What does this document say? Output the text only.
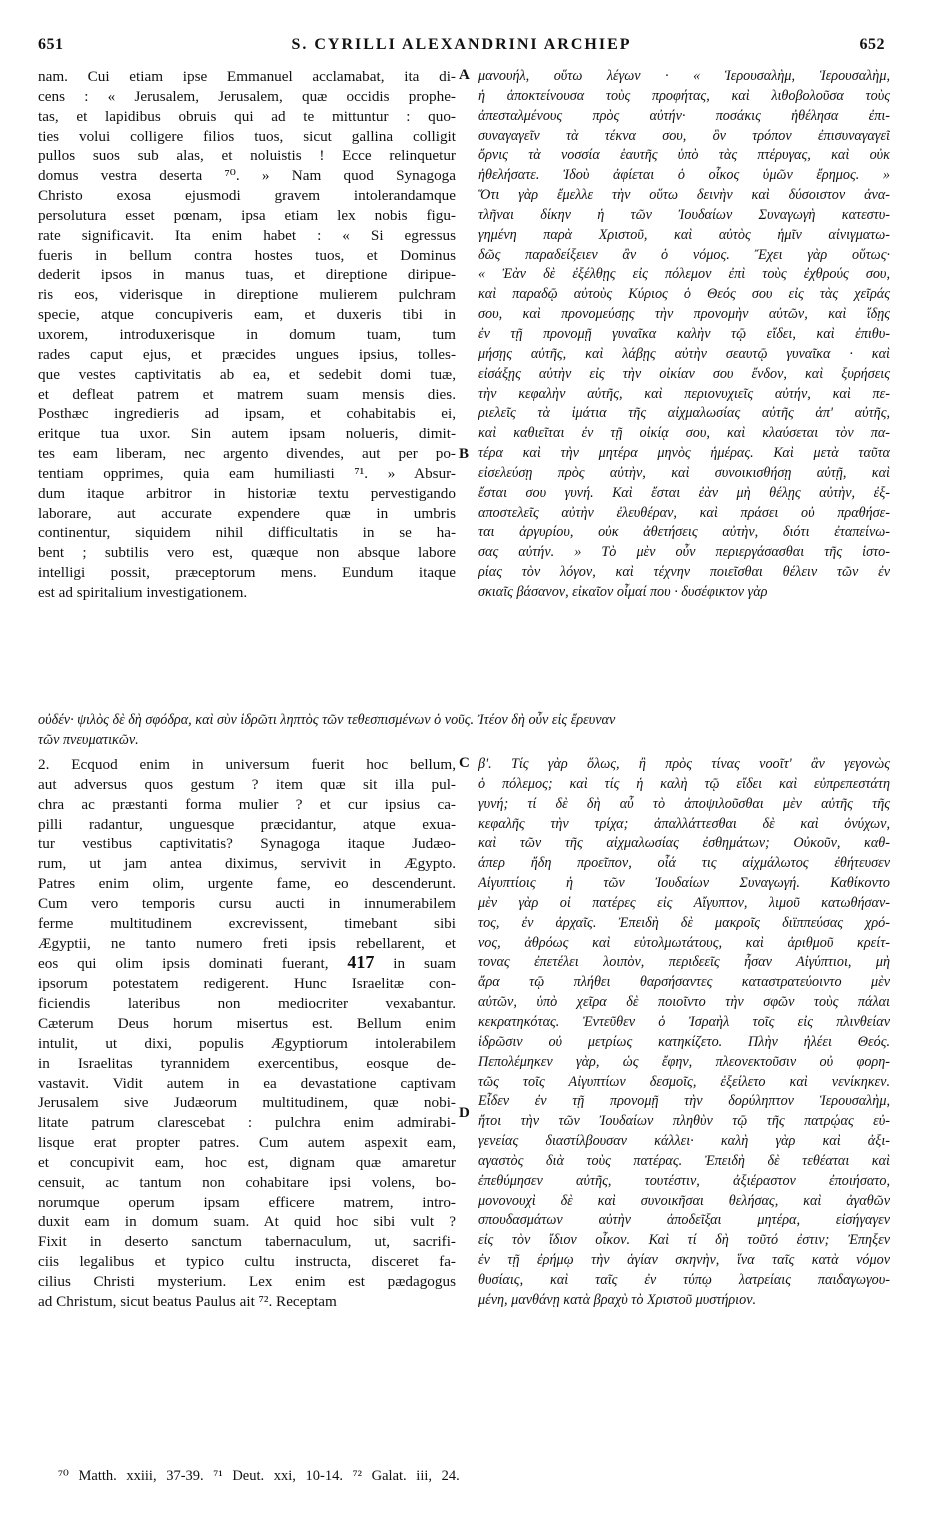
651	S. CYRILLI ALEXANDRINI ARCHIEP	652
A
B
C
D
nam. Cui etiam ipse Emmanuel acclamabat, ita di-
cens : « Jerusalem, Jerusalem, quæ occidis prophe-
tas, et lapidibus obruis qui ad te mittuntur : quo-
ties volui colligere filios tuos, sicut gallina colligit
pullos suos sub alas, et noluistis ! Ecce relinquetur
domus vestra deserta ⁷⁰. » Nam quod Synagoga
Christo exosa ejusmodi gravem intolerandamque
persolutura esset pœnam, ipsa etiam lex nobis figu-
rate significavit. Ita enim habet : « Si egressus
fueris in bellum contra hostes tuos, et Dominus
dederit ipsos in manus tuas, et direptione diripue-
ris eos, viderisque in direptione mulierem pulchram
specie, atque concupiveris eam, et duxeris tibi in
uxorem, introduxerisque in domum tuam, tum
rades caput ejus, et præcides ungues ipsius, tolles-
que vestes captivitatis ab ea, et sedebit domi tuæ,
et defleat patrem et matrem suam mensis dies.
Posthæc ingredieris ad ipsam, et cohabitabis ei,
eritque tua uxor. Sin autem ipsam nolueris, dimit-
tes eam liberam, nec argento divendes, aut per po-
tentiam opprimes, quia eam humiliasti ⁷¹. » Absur-
dum itaque arbitror in historiæ textu pervestigando
laborare, aut accurate expendere quæ in umbris
continentur, siquidem nihil difficultatis in se ha-
bent ; subtilis vero est, quæque non absque labore
intelligi possit, præceptorum mens. Eundum itaque
est ad spiritalium investigationem.
μανουήλ, οὕτω λέγων · « Ἱερουσαλὴμ, Ἱερουσαλὴμ,
ἡ ἀποκτείνουσα τοὺς προφήτας, καὶ λιθοβολοῦσα τοὺς
ἀπεσταλμένους πρὸς αὐτήν· ποσάκις ἠθέλησα ἐπι-
συναγαγεῖν τὰ τέκνα σου, ὃν τρόπον ἐπισυναγαγεῖ
ὄρνις τὰ νοσσία ἑαυτῆς ὑπὸ τὰς πτέρυγας, καὶ οὐκ
ἠθελήσατε. Ἰδοὺ ἀφίεται ὁ οἶκος ὑμῶν ἔρημος. »
Ὅτι γὰρ ἔμελλε τὴν οὕτω δεινὴν καὶ δύσοιστον ἀνα-
τλῆναι δίκην ἡ τῶν Ἰουδαίων Συναγωγὴ κατεστυ-
γημένη παρὰ Χριστοῦ, καὶ αὐτὸς ἡμῖν αἰνιγματω-
δῶς παραδείξειεν ἂν ὁ νόμος. Ἔχει γὰρ οὕτως·
« Ἐὰν δὲ ἐξέλθῃς εἰς πόλεμον ἐπὶ τοὺς ἐχθρούς σου,
καὶ παραδῷ αὐτοὺς Κύριος ὁ Θεός σου εἰς τὰς χεῖράς
σου, καὶ προνομεύσῃς τὴν προνομὴν αὐτῶν, καὶ ἴδῃς
ἐν τῇ προνομῇ γυναῖκα καλὴν τῷ εἴδει, καὶ ἐπιθυ-
μήσῃς αὐτῆς, καὶ λάβῃς αὐτὴν σεαυτῷ γυναῖκα · καὶ
εἰσάξῃς αὐτὴν εἰς τὴν οἰκίαν σου ἔνδον, καὶ ξυρήσεις
τὴν κεφαλὴν αὐτῆς, καὶ περιονυχιεῖς αὐτήν, καὶ πε-
ριελεῖς τὰ ἱμάτια τῆς αἰχμαλωσίας αὐτῆς ἀπ' αὐτῆς,
καὶ καθιεῖται ἐν τῇ οἰκίᾳ σου, καὶ κλαύσεται τὸν πα-
τέρα καὶ τὴν μητέρα μηνὸς ἡμέρας. Καὶ μετὰ ταῦτα
εἰσελεύσῃ πρὸς αὐτὴν, καὶ συνοικισθήσῃ αὐτῇ, καὶ
ἔσται σου γυνή. Καὶ ἔσται ἐὰν μὴ θέλῃς αὐτὴν, ἐξ-
αποστελεῖς αὐτὴν ἐλευθέραν, καὶ πράσει οὐ πραθήσε-
ται ἀργυρίου, οὐκ ἀθετήσεις αὐτὴν, διότι ἐταπείνω-
σας αὐτήν. » Τὸ μὲν οὖν περιεργάσασθαι τῆς ἱστο-
ρίας τὸν λόγον, καὶ τέχνην ποιεῖσθαι θέλειν τῶν ἐν
σκιαῖς βάσανον, εἰκαῖον οἶμαί που · δυσέφικτον γὰρ
οὐδέν· ψιλὸς δὲ δὴ σφόδρα, καὶ σὺν ἱδρῶτι ληπτὸς τῶν τεθεσπισμένων ὁ νοῦς. Ἰτέον δὴ οὖν εἰς ἔρευναν
τῶν πνευματικῶν.
2. Ecquod enim in universum fuerit hoc bellum,
aut adversus quos gestum ? item quæ sit illa pul-
chra ac præstanti forma mulier ? et cur ipsius ca-
pilli radantur, unguesque præcidantur, atque exua-
tur vestibus captivitatis? Synagoga itaque Judæo-
rum, ut jam antea diximus, servivit in Ægypto.
Patres enim olim, urgente fame, eo descenderunt.
Cum vero temporis cursu aucti in innumerabilem
ferme multitudinem excrevissent, timebant sibi
Ægyptii, ne tanto numero freti ipsis rebellarent, et
eos qui olim ipsis dominati fuerant, 417 in suam
ipsorum potestatem redigerent. Hunc Israelitæ con-
ficiendis lateribus non mediocriter vexabantur.
Cæterum Deus horum misertus est. Bellum enim
intulit, ut dixi, populis Ægyptiorum intolerabilem
in Israelitas tyrannidem exercentibus, eosque de-
vastavit. Vidit autem in ea devastatione captivam
Jerusalem sive Judæorum multitudinem, quæ nobi-
litate patrum clarescebat : pulchra enim admirabi-
lisque erat propter patres. Cum autem aspexit eam,
et concupivit eam, hoc est, dignam quæ amaretur
censuit, ac tantum non cohabitare ipsi volens, bo-
norumque operum ipsam efficere matrem, intro-
duxit eam in domum suam. At quid hoc sibi vult ?
Fixit in deserto sanctum tabernaculum, ut, sacrifi-
ciis legalibus et typico cultu instructa, disceret fa-
cilius Christi mysterium. Lex enim est pædagogus
ad Christum, sicut beatus Paulus ait ⁷². Receptam
β'. Τίς γὰρ ὅλως, ἢ πρὸς τίνας νοοῖτ' ἂν γεγονὼς
ὁ πόλεμος; καὶ τίς ἡ καλὴ τῷ εἴδει καὶ εὐπρεπεστάτη
γυνή; τί δὲ δὴ αὖ τὸ ἀποψιλοῦσθαι μὲν αὐτῆς τῆς
κεφαλῆς τὴν τρίχα; ἀπαλλάττεσθαι δὲ καὶ ὀνύχων,
καὶ τῶν τῆς αἰχμαλωσίας ἐσθημάτων; Οὐκοῦν, καθ-
άπερ ἤδη προεῖπον, οἷά τις αἰχμάλωτος ἐθήτευσεν
Αἰγυπτίοις ἡ τῶν Ἰουδαίων Συναγωγή. Καθίκοντο
μὲν γὰρ οἱ πατέρες εἰς Αἴγυπτον, λιμοῦ κατωθήσαν-
τος, ἐν ἀρχαῖς. Ἐπειδὴ δὲ μακροῖς διϊππεύσας χρό-
νος, ἀθρόως καὶ εὐτολμωτάτους, καὶ ἀριθμοῦ κρείτ-
τονας ἐπετέλει λοιπὸν, περιδεεῖς ἦσαν Αἰγύπτιοι, μὴ
ἄρα τῷ πλήθει θαρσήσαντες καταστρατεύοιντο μὲν
αὐτῶν, ὑπὸ χεῖρα δὲ ποιοῖντο τὴν σφῶν τοὺς πάλαι
κεκρατηκότας. Ἐντεῦθεν ὁ Ἰσραὴλ τοῖς εἰς πλινθείαν
ἱδρῶσιν οὐ μετρίως κατηκίζετο. Πλὴν ἠλέει Θεός.
Πεπολέμηκεν γὰρ, ὡς ἔφην, πλεονεκτοῦσιν οὐ φορη-
τῶς τοῖς Αἰγυπτίων δεσμοῖς, ἐξείλετο καὶ νενίκηκεν.
Εἶδεν ἐν τῇ προνομῇ τὴν δορύληπτον Ἱερουσαλὴμ,
ἤτοι τὴν τῶν Ἰουδαίων πληθὺν τῷ τῆς πατρῴας εὐ-
γενείας διαστίλβουσαν κάλλει· καλὴ γὰρ καὶ ἀξι-
αγαστὸς διὰ τοὺς πατέρας. Ἐπειδὴ δὲ τεθέαται καὶ
ἐπεθύμησεν αὐτῆς, τουτέστιν, ἀξιέραστον ἐποιήσατο,
μονονουχὶ δὲ καὶ συνοικῆσαι θελήσας, καὶ ἀγαθῶν
σπουδασμάτων αὐτὴν ἀποδεῖξαι μητέρα, εἰσήγαγεν
εἰς τὸν ἴδιον οἶκον. Καὶ τί δὴ τοῦτό ἐστιν; Ἐπηξεν
ἐν τῇ ἐρήμῳ τὴν ἁγίαν σκηνὴν, ἵνα ταῖς κατὰ νόμον
θυσίαις, καὶ ταῖς ἐν τύπῳ λατρείαις παιδαγωγου-
μένη, μανθάνῃ κατὰ βραχὺ τὸ Χριστοῦ μυστήριον.
⁷⁰ Matth. xxiii, 37-39. ⁷¹ Deut. xxi, 10-14. ⁷² Galat. iii, 24.
